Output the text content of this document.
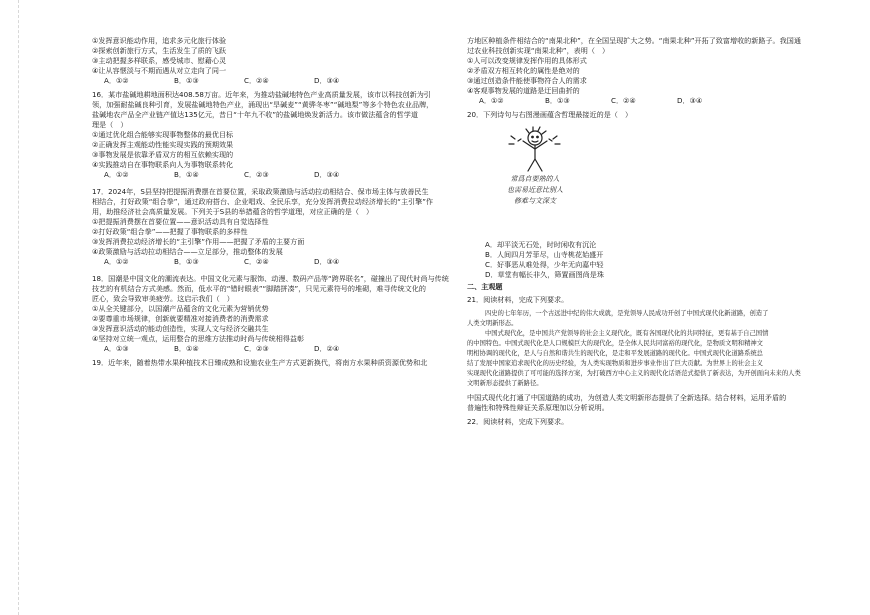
①发挥意识能动作用，追求多元化旅行体验
②探索创新旅行方式，生活发生了质的飞跃
③主动把握多样联系，感受城市、慰藉心灵
④让从容惬淡与不期而遇从对立走向了同一
A．①②	B．①③	C．②④	D．③④
16．某市盐碱地耕地面积达408.58万亩。近年来，为推动盐碱地特色产业高质量发展，该市以科技创新为引
领，加强耐盐碱良种引育，发展盐碱地特色产业，涌现出“旱碱麦”“黄骅冬枣”“碱地梨”等多个特色农业品牌，
盐碱地农产品全产业链产值达135亿元，昔日“十年九不收”的盐碱地焕发新活力。该市做法蕴含的哲学道
理是（　）
①通过优化组合能够实现事物整体的最优目标
②正确发挥主观能动性能实现实践的预期效果
③事物发展是依靠矛盾双方的相互依赖实现的
④实践推动自在事物联系向人为事物联系转化
A．①②	B．①④	C．②③	D．③④
17．2024年，S县坚持把提振消费摆在首要位置，采取政策激励与活动拉动相结合、保市场主体与放善民生
相结合，打好政策“组合拳”，通过政府搭台、企业唱戏、全民乐享，充分发挥消费拉动经济增长的“主引擎”作
用，助推经济社会高质量发展。下列关于S县的举措蕴含的哲学道理，对应正确的是（　）
①把提振消费摆在首要位置——意识活动具有自觉选择性
②打好政策“组合拳”——把握了事物联系的多样性
③发挥消费拉动经济增长的“主引擎”作用——把握了矛盾的主要方面
④政策激励与活动拉动相结合——立足部分，推动整体的发展
A．①②	B．①③	C．②④	D．③④
18．国潮是中国文化的潮流表达。中国文化元素与服饰、动漫、数码产品等“跨界联名”，碰撞出了现代时尚与传统
技艺的有机结合方式美感。然而，低水平的“错时眼表”“脚踏拼凑”，只见元素符号的堆砌，难寻传统文化的
匠心，致会导致审美疲劳。这启示我们（　）
①从全关键部分，以国潮产品蕴含的文化元素为营销优势
②要尊重市场规律，创新就要精准对接消费者的消费需求
③发挥意识活动的能动创造性，实现人文与经济交融共生
④坚持对立统一观点，运用整合的思维方法推动时尚与传统相得益彰
A．①③	B．①④	C．②③	D．②④
19．近年来，随着热带水果种植技术日臻成熟和设施农业生产方式更新换代，将南方水果种质资源优势和北
方地区种植条件相结合的“南果北种”，在全国呈现扩大之势。“南果北种”开拓了致富增收的新路子。我国通
过农业科技创新实现“南果北种”，表明（　）
①人可以改变规律发挥作用的具体形式
②矛盾双方相互转化的属性是绝对的
③通过创造条件能使事物符合人的需求
④客观事物发展的道路是迂回曲折的
A．①②	B．①③	C．②④	D．③④
20．下列诗句与右图漫画蕴含哲理最接近的是（　）
常爲自要熟的人
也需易近意比别人
修难与文深支
A．却平淡无石处，时时闲收有沉沦
B．人间四月芳菲尽，山寺桃花始盛开
C．好事恶从难处得，少年无向嘉中轻
D．草堂有幅长非久，筛置画图尚是珠
二、主观题
21．阅读材料，完成下列要求。
四史的七年年历，一个古远进中纪的伟大成就，是党领导人民成功开创了中国式现代化新道路，创造了
人类文明新形态。
中国式现代化，是中国共产党领导的社会主义现代化，既有各国现代化的共同特征，更有基于自己国情
的中国特色。中国式现代化是人口规模巨大的现代化，是全体人民共同富裕的现代化，是物质文明和精神文
明相协调的现代化，是人与自然和谐共生的现代化，是走和平发展道路的现代化。中国式现代化道路系统总
结了发展中国家追求现代化的历史经验，为人类实现物质和进步事业作出了巨大贡献。为世界上的社会主义
实现现代化道路提供了可可能的选择方案，为打破西方中心主义的现代化话语范式提供了新表达，为开创面向未来的人类
文明新形态提供了新路径。
中国式现代化打通了中国道路的成功，为创造人类文明新形态提供了全新选择。结合材料，运用矛盾的
普遍性和特殊性辩证关系原理加以分析说明。
22．阅读材料，完成下列要求。
